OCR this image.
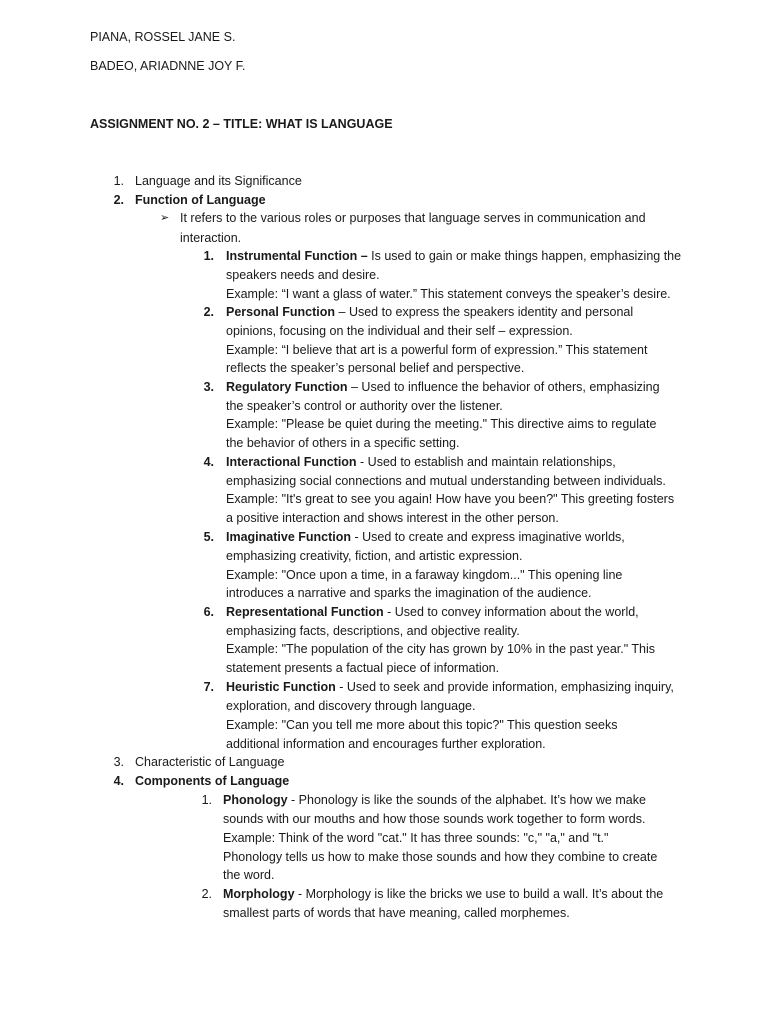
PIANA, ROSSEL JANE S.
BADEO, ARIADNNE JOY F.
ASSIGNMENT NO. 2 – TITLE: WHAT IS LANGUAGE
1. Language and its Significance
2. Function of Language
➢ It refers to the various roles or purposes that language serves in communication and
interaction.
1. Instrumental Function – Is used to gain or make things happen, emphasizing the
speakers needs and desire.
Example: “I want a glass of water.” This statement conveys the speaker’s desire.
2. Personal Function – Used to express the speakers identity and personal
opinions, focusing on the individual and their self – expression.
Example: “I believe that art is a powerful form of expression.” This statement
reflects the speaker’s personal belief and perspective.
3. Regulatory Function – Used to influence the behavior of others, emphasizing
the speaker’s control or authority over the listener.
Example: "Please be quiet during the meeting." This directive aims to regulate
the behavior of others in a specific setting.
4. Interactional Function - Used to establish and maintain relationships,
emphasizing social connections and mutual understanding between individuals.
Example: "It's great to see you again! How have you been?" This greeting fosters
a positive interaction and shows interest in the other person.
5. Imaginative Function - Used to create and express imaginative worlds,
emphasizing creativity, fiction, and artistic expression.
Example: "Once upon a time, in a faraway kingdom..." This opening line
introduces a narrative and sparks the imagination of the audience.
6. Representational Function - Used to convey information about the world,
emphasizing facts, descriptions, and objective reality.
Example: "The population of the city has grown by 10% in the past year." This
statement presents a factual piece of information.
7. Heuristic Function - Used to seek and provide information, emphasizing inquiry,
exploration, and discovery through language.
Example: "Can you tell me more about this topic?" This question seeks
additional information and encourages further exploration.
3. Characteristic of Language
4. Components of Language
1. Phonology - Phonology is like the sounds of the alphabet. It’s how we make
sounds with our mouths and how those sounds work together to form words.
Example: Think of the word "cat." It has three sounds: "c," "a," and "t."
Phonology tells us how to make those sounds and how they combine to create
the word.
2. Morphology - Morphology is like the bricks we use to build a wall. It’s about the
smallest parts of words that have meaning, called morphemes.
